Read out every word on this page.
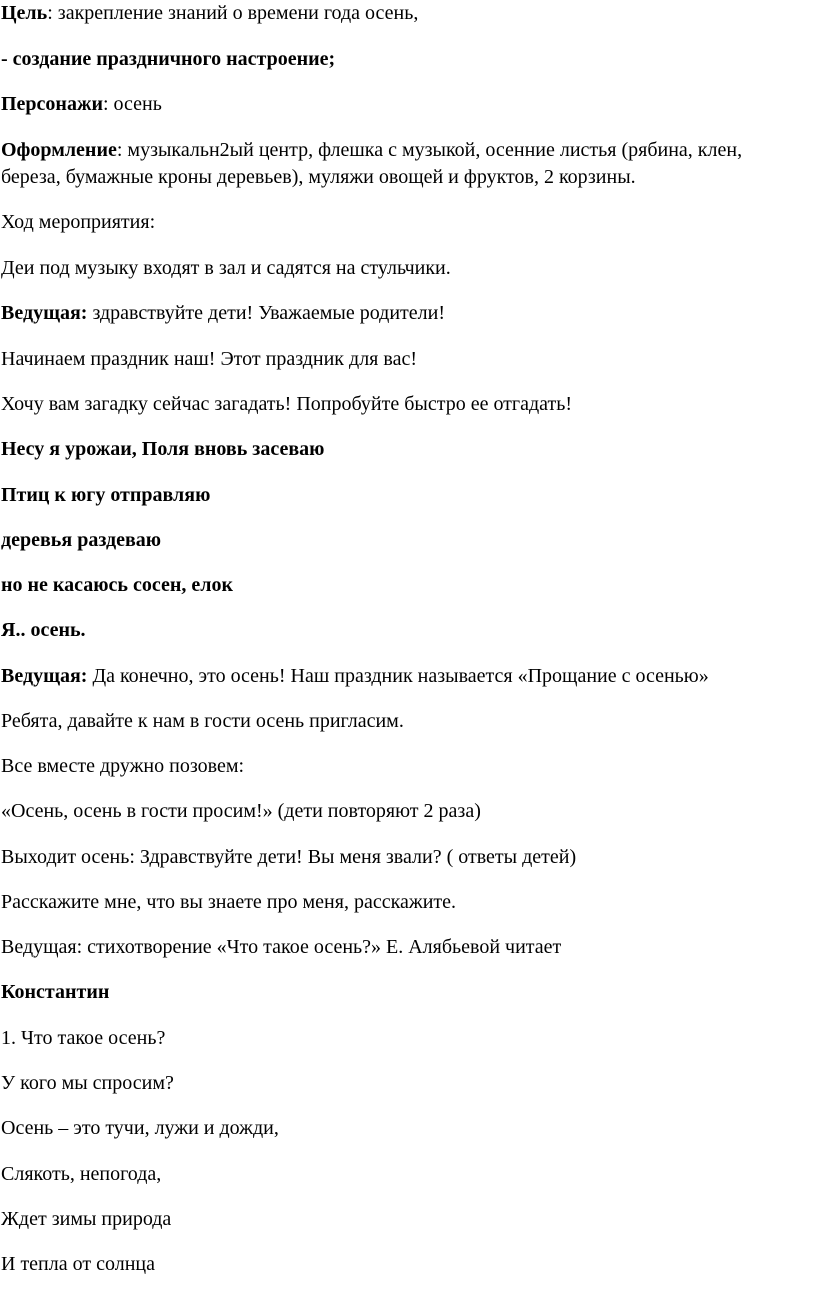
Цель: закрепление знаний о времени года осень,
- создание праздничного настроение;
Персонажи: осень
Оформление: музыкальн2ый центр, флешка с музыкой, осенние листья (рябина, клен,
береза, бумажные кроны деревьев), муляжи овощей и фруктов, 2 корзины.
Ход мероприятия:
Деи под музыку входят в зал и садятся на стульчики.
Ведущая: здравствуйте дети! Уважаемые родители!
Начинаем праздник наш! Этот праздник для вас!
Хочу вам загадку сейчас загадать! Попробуйте быстро ее отгадать!
Несу я урожаи, Поля вновь засеваю
Птиц к югу отправляю
деревья раздеваю
но не касаюсь сосен, елок
Я.. осень.
Ведущая: Да конечно, это осень! Наш праздник называется «Прощание с осенью»
Ребята, давайте к нам в гости осень пригласим.
Все вместе дружно позовем:
«Осень, осень в гости просим!» (дети повторяют 2 раза)
Выходит осень: Здравствуйте дети! Вы меня звали? ( ответы детей)
Расскажите мне, что вы знаете про меня, расскажите.
Ведущая: стихотворение «Что такое осень?» Е. Алябьевой читает
Константин
1. Что такое осень?
У кого мы спросим?
Осень – это тучи, лужи и дожди,
Слякоть, непогода,
Ждет зимы природа
И тепла от солнца
